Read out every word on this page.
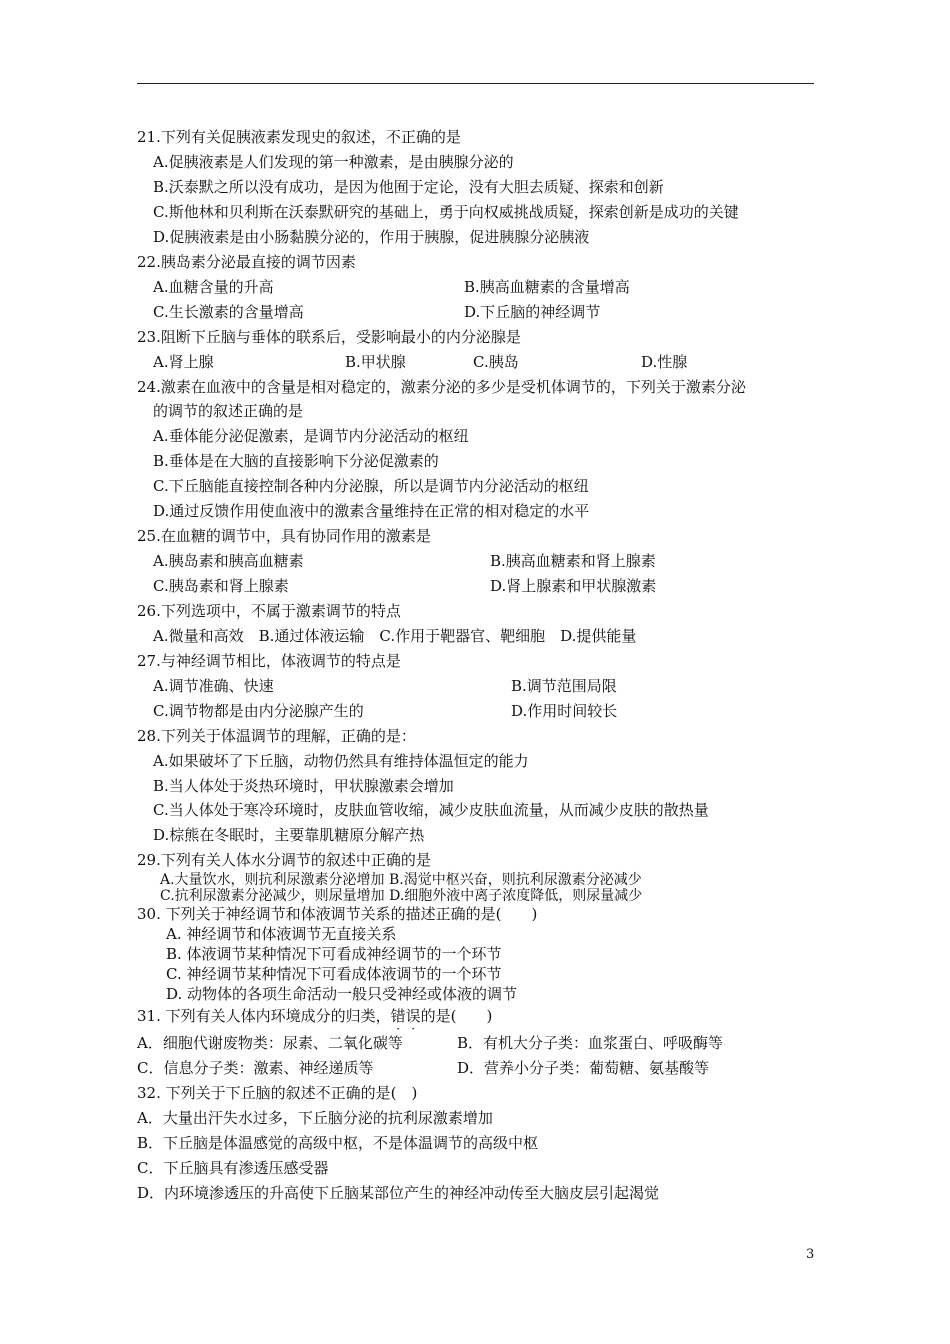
21.下列有关促胰液素发现史的叙述，不正确的是
A.促胰液素是人们发现的第一种激素，是由胰腺分泌的
B.沃泰默之所以没有成功，是因为他囿于定论，没有大胆去质疑、探索和创新
C.斯他林和贝利斯在沃泰默研究的基础上，勇于向权威挑战质疑，探索创新是成功的关键
D.促胰液素是由小肠黏膜分泌的，作用于胰腺，促进胰腺分泌胰液
22.胰岛素分泌最直接的调节因素
A.血糖含量的升高	B.胰高血糖素的含量增高
C.生长激素的含量增高	D.下丘脑的神经调节
23.阻断下丘脑与垂体的联系后，受影响最小的内分泌腺是
A.肾上腺	B.甲状腺	C.胰岛	D.性腺
24.激素在血液中的含量是相对稳定的，激素分泌的多少是受机体调节的，下列关于激素分泌
的调节的叙述正确的是
A.垂体能分泌促激素，是调节内分泌活动的枢纽
B.垂体是在大脑的直接影响下分泌促激素的
C.下丘脑能直接控制各种内分泌腺，所以是调节内分泌活动的枢纽
D.通过反馈作用使血液中的激素含量维持在正常的相对稳定的水平
25.在血糖的调节中，具有协同作用的激素是
A.胰岛素和胰高血糖素	B.胰高血糖素和肾上腺素
C.胰岛素和肾上腺素	D.肾上腺素和甲状腺激素
26.下列选项中，不属于激素调节的特点
A.微量和高效　B.通过体液运输　C.作用于靶器官、靶细胞　D.提供能量
27.与神经调节相比，体液调节的特点是
A.调节准确、快速	B.调节范围局限
C.调节物都是由内分泌腺产生的	D.作用时间较长
28.下列关于体温调节的理解，正确的是：
A.如果破坏了下丘脑，动物仍然具有维持体温恒定的能力
B.当人体处于炎热环境时，甲状腺激素会增加
C.当人体处于寒冷环境时，皮肤血管收缩，减少皮肤血流量，从而减少皮肤的散热量
D.棕熊在冬眠时，主要靠肌糖原分解产热
29.下列有关人体水分调节的叙述中正确的是
A.大量饮水，则抗利尿激素分泌增加 B.渴觉中枢兴奋，则抗利尿激素分泌减少
C.抗利尿激素分泌减少，则尿量增加 D.细胞外液中离子浓度降低，则尿量减少
30. 下列关于神经调节和体液调节关系的描述正确的是(　　)
A. 神经调节和体液调节无直接关系
B. 体液调节某种情况下可看成神经调节的一个环节
C. 神经调节某种情况下可看成体液调节的一个环节
D. 动物体的各项生命活动一般只受神经或体液的调节
31. 下列有关人体内环境成分的归类，错误的是(　　)
A．细胞代谢废物类：尿素、二氧化碳等	B．有机大分子类：血浆蛋白、呼吸酶等
C．信息分子类：激素、神经递质等	D．营养小分子类：葡萄糖、氨基酸等
32. 下列关于下丘脑的叙述不正确的是(　)
A．大量出汗失水过多，下丘脑分泌的抗利尿激素增加
B．下丘脑是体温感觉的高级中枢，不是体温调节的高级中枢
C．下丘脑具有渗透压感受器
D．内环境渗透压的升高使下丘脑某部位产生的神经冲动传至大脑皮层引起渴觉
3
